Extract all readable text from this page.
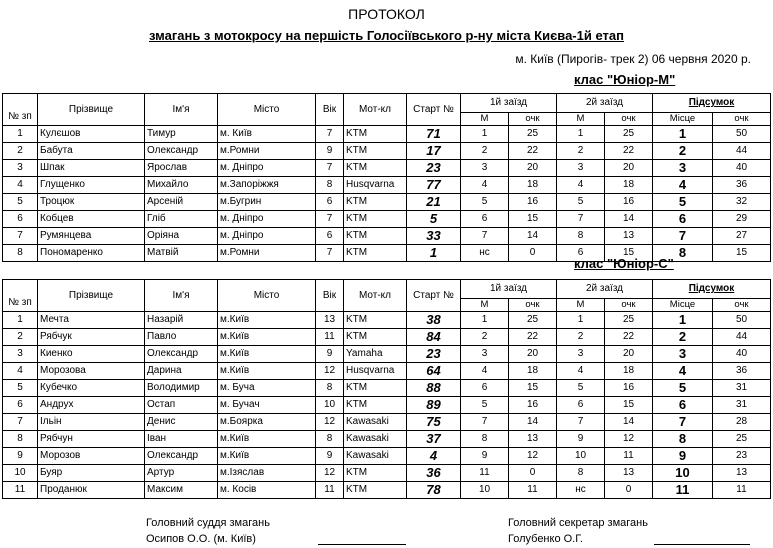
ПРОТОКОЛ
змагань з мотокросу на першість Голосіївського р-ну міста Києва-1й етап
м. Київ (Пирогів- трек 2) 06 червня 2020 р.
клас "Юніор-М"
№ зп	Прізвище	Ім'я	Місто	Вік	Мот-кл	Старт №	1й заїзд		2й заїзд		Підсумок	
							М	очк	М	очк	Місце	очк
1	Кулєшов	Тимур	м. Київ	7	KTM	71	1	25	1	25	1	50
2	Бабута	Олександр	м.Ромни	9	KTM	17	2	22	2	22	2	44
3	Шпак	Ярослав	м. Дніпро	7	KTM	23	3	20	3	20	3	40
4	Глущенко	Михайло	м.Запоріжжя	8	Husqvarna	77	4	18	4	18	4	36
5	Троцюк	Арсеній	м.Бугрин	6	KTM	21	5	16	5	16	5	32
6	Кобцев	Гліб	м. Дніпро	7	KTM	5	6	15	7	14	6	29
7	Румянцева	Оріяна	м. Дніпро	6	KTM	33	7	14	8	13	7	27
8	Пономаренко	Матвій	м.Ромни	7	KTM	1	нс	0	6	15	8	15
клас "Юніор-С"
№ зп	Прізвище	Ім'я	Місто	Вік	Мот-кл	Старт №	1й заїзд		2й заїзд		Підсумок	
							М	очк	М	очк	Місце	очк
1	Мечта	Назарій	м.Київ	13	KTM	38	1	25	1	25	1	50
2	Рябчук	Павло	м.Київ	11	KTM	84	2	22	2	22	2	44
3	Киенко	Олександр	м.Київ	9	Yamaha	23	3	20	3	20	3	40
4	Морозова	Дарина	м.Київ	12	Husqvarna	64	4	18	4	18	4	36
5	Кубечко	Володимир	м. Буча	8	KTM	88	6	15	5	16	5	31
6	Андрух	Остап	м. Бучач	10	KTM	89	5	16	6	15	6	31
7	Ільін	Денис	м.Боярка	12	Kawasaki	75	7	14	7	14	7	28
8	Рябчун	Іван	м.Київ	8	Kawasaki	37	8	13	9	12	8	25
9	Морозов	Олександр	м.Київ	9	Kawasaki	4	9	12	10	11	9	23
10	Буяр	Артур	м.Ізяслав	12	KTM	36	11	0	8	13	10	13
11	Проданюк	Максим	м. Косів	11	KTM	78	10	11	нс	0	11	11
Головний суддя змагань
Осипов О.О. (м. Київ)
Головний секретар змагань
Голубенко О.Г.
